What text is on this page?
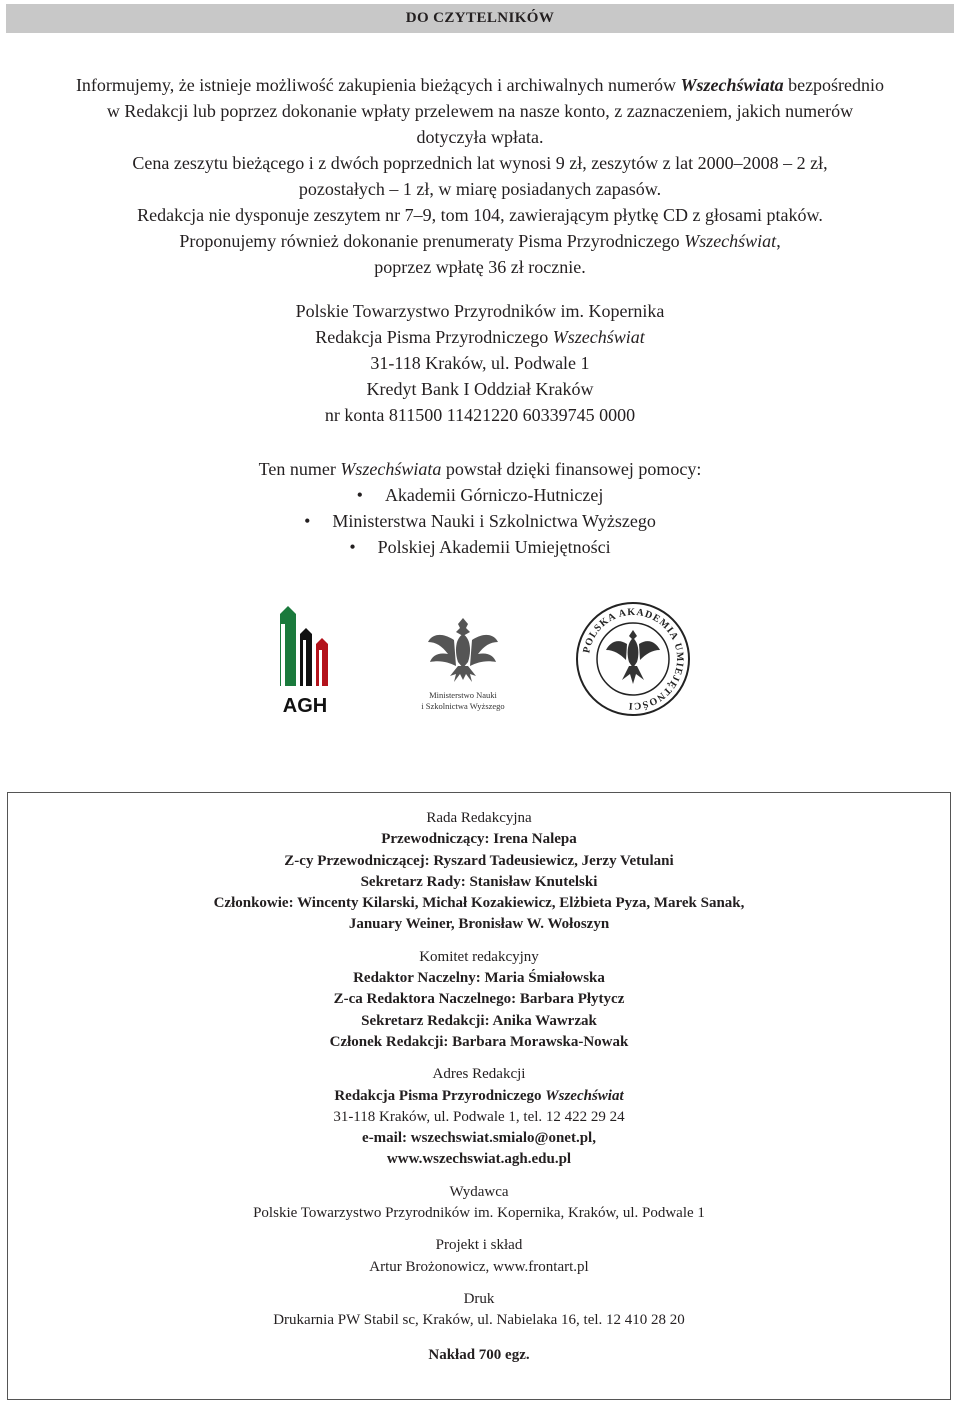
DO CZYTELNIKÓW

Informujemy, że istnieje możliwość zakupienia bieżących i archiwalnych numerów Wszechświata bezpośrednio

w Redakcji lub poprzez dokonanie wpłaty przelewem na nasze konto, z zaznaczeniem, jakich numerów

dotyczyła wpłata.

Cena zeszytu bieżącego i z dwóch poprzednich lat wynosi 9 zł, zeszytów z lat 2000–2008 – 2 zł,

pozostałych – 1 zł, w miarę posiadanych zapasów.

Redakcja nie dysponuje zeszytem nr 7–9, tom 104, zawierającym płytkę CD z głosami ptaków.

Proponujemy również dokonanie prenumeraty Pisma Przyrodniczego Wszechświat,

poprzez wpłatę 36 zł rocznie.

Polskie Towarzystwo Przyrodników im. Kopernika

Redakcja Pisma Przyrodniczego Wszechświat

31-118 Kraków, ul. Podwale 1

Kredyt Bank I Oddział Kraków

nr konta 811500 11421220 60339745 0000

Ten numer Wszechświata powstał dzięki finansowej pomocy:

• Akademii Górniczo-Hutniczej

• Ministerstwa Nauki i Szkolnictwa Wyższego

• Polskiej Akademii Umiejętności

AGH	Ministerstwo Nauki
i Szkolnictwa Wyższego
POLSKA AKADEMIA UMIEJĘTNOŚCI

Rada Redakcyjna

Przewodniczący: Irena Nalepa

Z-cy Przewodniczącej: Ryszard Tadeusiewicz, Jerzy Vetulani

Sekretarz Rady: Stanisław Knutelski

Członkowie: Wincenty Kilarski, Michał Kozakiewicz, Elżbieta Pyza, Marek Sanak,

January Weiner, Bronisław W. Wołoszyn

Komitet redakcyjny

Redaktor Naczelny: Maria Śmiałowska

Z-ca Redaktora Naczelnego: Barbara Płytycz

Sekretarz Redakcji: Anika Wawrzak

Członek Redakcji: Barbara Morawska-Nowak

Adres Redakcji

Redakcja Pisma Przyrodniczego Wszechświat

31-118 Kraków, ul. Podwale 1, tel. 12 422 29 24

e-mail: wszechswiat.smialo@onet.pl,

www.wszechswiat.agh.edu.pl

Wydawca

Polskie Towarzystwo Przyrodników im. Kopernika, Kraków, ul. Podwale 1

Projekt i skład

Artur Brożonowicz, www.frontart.pl

Druk

Drukarnia PW Stabil sc, Kraków, ul. Nabielaka 16, tel. 12 410 28 20

Nakład 700 egz.
